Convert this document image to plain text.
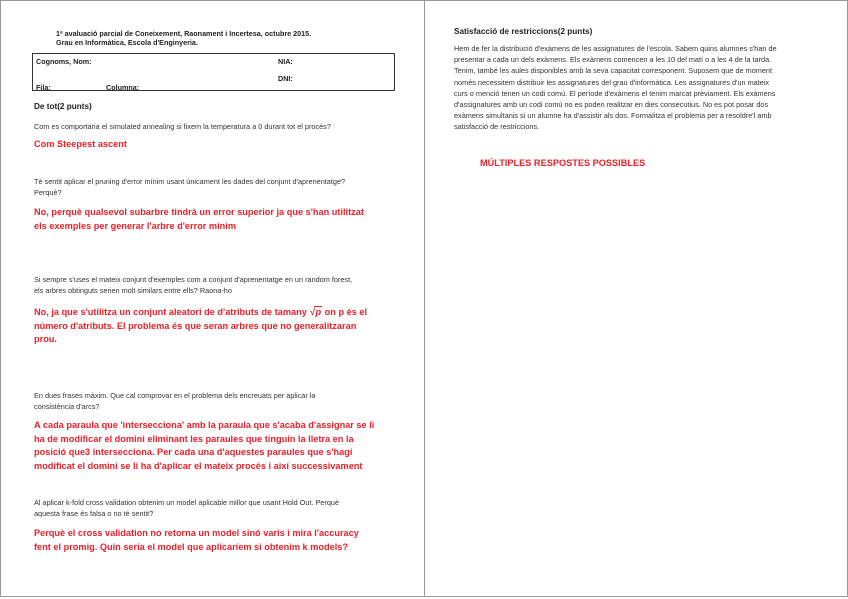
1ª avaluació parcial de Coneixement, Raonament i Incertesa, octubre 2015.
Grau en Informàtica, Escola d'Enginyeria.
Cognoms, Nom:	NIA:
DNI:
Fila:	Columna:
De tot(2 punts)
Com es comportaria el simulated annealing si fixem la temperatura a 0 durant tot el procés?
Com Steepest ascent
Té sentit aplicar el pruning d'error mínim usant únicament les dades del conjunt d'aprenentatge?
Perquè?
No, perquè qualsevol subarbre tindrà un error superior ja que s'han utilitzat
els exemples per generar l'arbre d'error mínim
Si sempre s'uses el mateix conjunt d'exemples com a conjunt d'aprenentatge en un random forest,
els arbres obtinguts serien molt similars entre ells? Raona-ho
No, ja que s'utilitza un conjunt aleatori de d'atributs de tamany √p on p és el
número d'atributs. El problema és que seran arbres que no generalitzaran
prou.
En dues frases màxim. Que cal comprovar en el problema dels encreuats per aplicar la
consistència d'arcs?
A cada paraula que 'intersecciona' amb la paraula que s'acaba d'assignar se li
ha de modificar el domini eliminant les paraules que tinguin la lletra en la
posició que3 intersecciona. Per cada una d'aquestes paraules que s'hagi
modificat el domini se li ha d'aplicar el mateix procés i així successivament
Al aplicar k-fold cross validation obtenim un model aplicable millor que usant Hold Out. Perquè
aquesta frase és falsa o no té sentit?
Perquè el cross validation no retorna un model sinó varis i mira l'accuracy
fent el promig. Quin seria el model que aplicaríem si obtenim k models?
Satisfacció de restriccions(2 punts)
Hem de fer la distribució d'exàmens de les assignatures de l'escola. Sabem quins alumnes s'han de
presentar a cada un dels exàmens. Els exàmens comencen a les 10 del matí o a les 4 de la tarda.
Tenim, també les aules disponibles amb la seva capacitat corresponent. Suposem que de moment
només necessitem distribuir les assignatures del grau d'informàtica. Les assignatures d'un mateix
curs o menció tenen un codi comú. El període d'exàmens el tenim marcat prèviament. Els exàmens
d'assignatures amb un codi comú no es poden realitzar en dies consecutius. No es pot posar dos
exàmens simultanis si un alumne ha d'assistir als dos. Formalitza el problema per a resoldre'l amb
satisfacció de restriccions.
MÚLTIPLES RESPOSTES POSSIBLES
